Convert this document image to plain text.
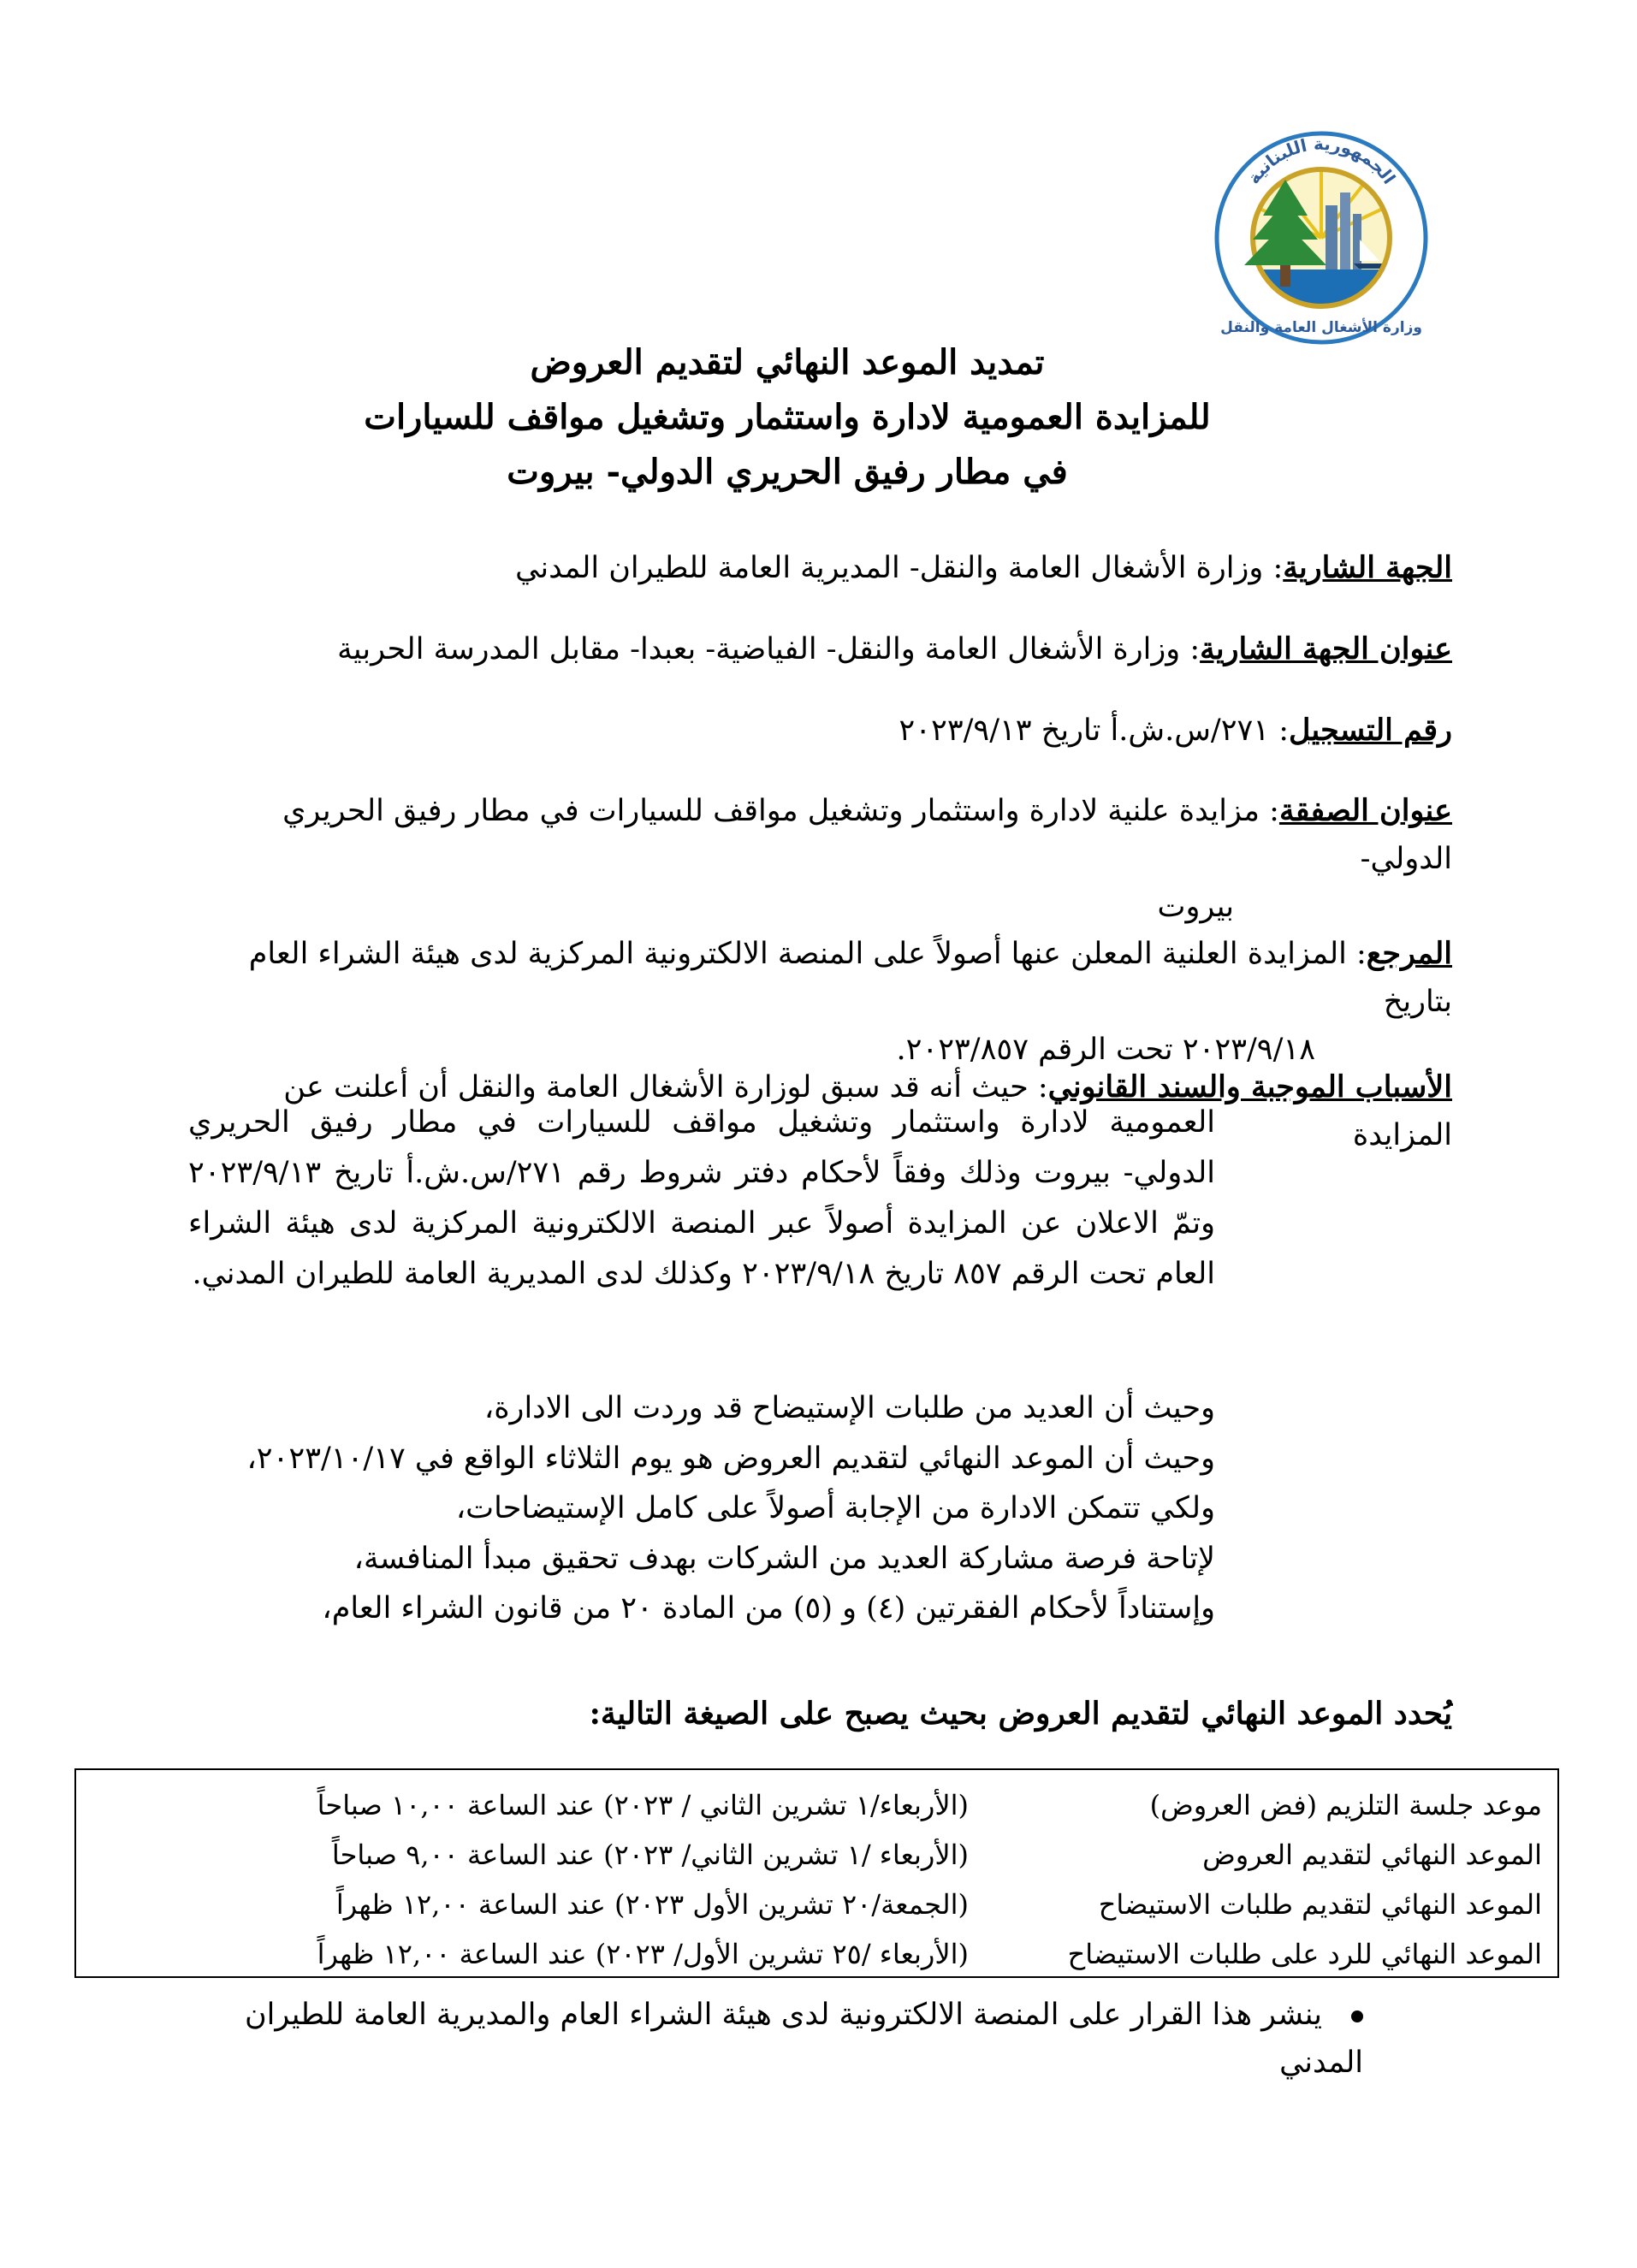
الجمهورية اللبنانية
وزارة الأشغال العامة والنقل
تمديد الموعد النهائي لتقديم العروض
للمزايدة العمومية لادارة واستثمار وتشغيل مواقف للسيارات
في مطار رفيق الحريري الدولي- بيروت
الجهة الشارية: وزارة الأشغال العامة والنقل- المديرية العامة للطيران المدني
عنوان الجهة الشارية: وزارة الأشغال العامة والنقل- الفياضية- بعبدا- مقابل المدرسة الحربية
رقم التسجيل: ٢٧١/س.ش.أ تاريخ ٢٠٢٣/٩/١٣
عنوان الصفقة: مزايدة علنية لادارة واستثمار وتشغيل مواقف للسيارات في مطار رفيق الحريري الدولي-
بيروت
المرجع: المزايدة العلنية المعلن عنها أصولاً على المنصة الالكترونية المركزية لدى هيئة الشراء العام بتاريخ
٢٠٢٣/٩/١٨ تحت الرقم ٢٠٢٣/٨٥٧.
الأسباب الموجبة والسند القانوني: حيث أنه قد سبق لوزارة الأشغال العامة والنقل أن أعلنت عن المزايدة
العمومية لادارة واستثمار وتشغيل مواقف للسيارات في مطار رفيق الحريري الدولي- بيروت وذلك وفقاً لأحكام دفتر شروط رقم ٢٧١/س.ش.أ تاريخ ٢٠٢٣/٩/١٣ وتمّ الاعلان عن المزايدة أصولاً عبر المنصة الالكترونية المركزية لدى هيئة الشراء العام تحت الرقم ٨٥٧ تاريخ ٢٠٢٣/٩/١٨ وكذلك لدى المديرية العامة للطيران المدني.
وحيث أن العديد من طلبات الإستيضاح قد وردت الى الادارة،
وحيث أن الموعد النهائي لتقديم العروض هو يوم الثلاثاء الواقع في ٢٠٢٣/١٠/١٧،
ولكي تتمكن الادارة من الإجابة أصولاً على كامل الإستيضاحات،
لإتاحة فرصة مشاركة العديد من الشركات بهدف تحقيق مبدأ المنافسة،
وإستناداً لأحكام الفقرتين (٤) و (٥) من المادة ٢٠ من قانون الشراء العام،
يُحدد الموعد النهائي لتقديم العروض بحيث يصبح على الصيغة التالية:
موعد جلسة التلزيم (فض العروض)
(الأربعاء/١ تشرين الثاني / ٢٠٢٣) عند الساعة ١٠,٠٠ صباحاً
الموعد النهائي لتقديم العروض
(الأربعاء /١ تشرين الثاني/ ٢٠٢٣) عند الساعة ٩,٠٠ صباحاً
الموعد النهائي لتقديم طلبات الاستيضاح
(الجمعة/٢٠ تشرين الأول ٢٠٢٣) عند الساعة ١٢,٠٠ ظهراً
الموعد النهائي للرد على طلبات الاستيضاح
(الأربعاء /٢٥ تشرين الأول/ ٢٠٢٣) عند الساعة ١٢,٠٠ ظهراً
ينشر هذا القرار على المنصة الالكترونية لدى هيئة الشراء العام والمديرية العامة للطيران المدني
